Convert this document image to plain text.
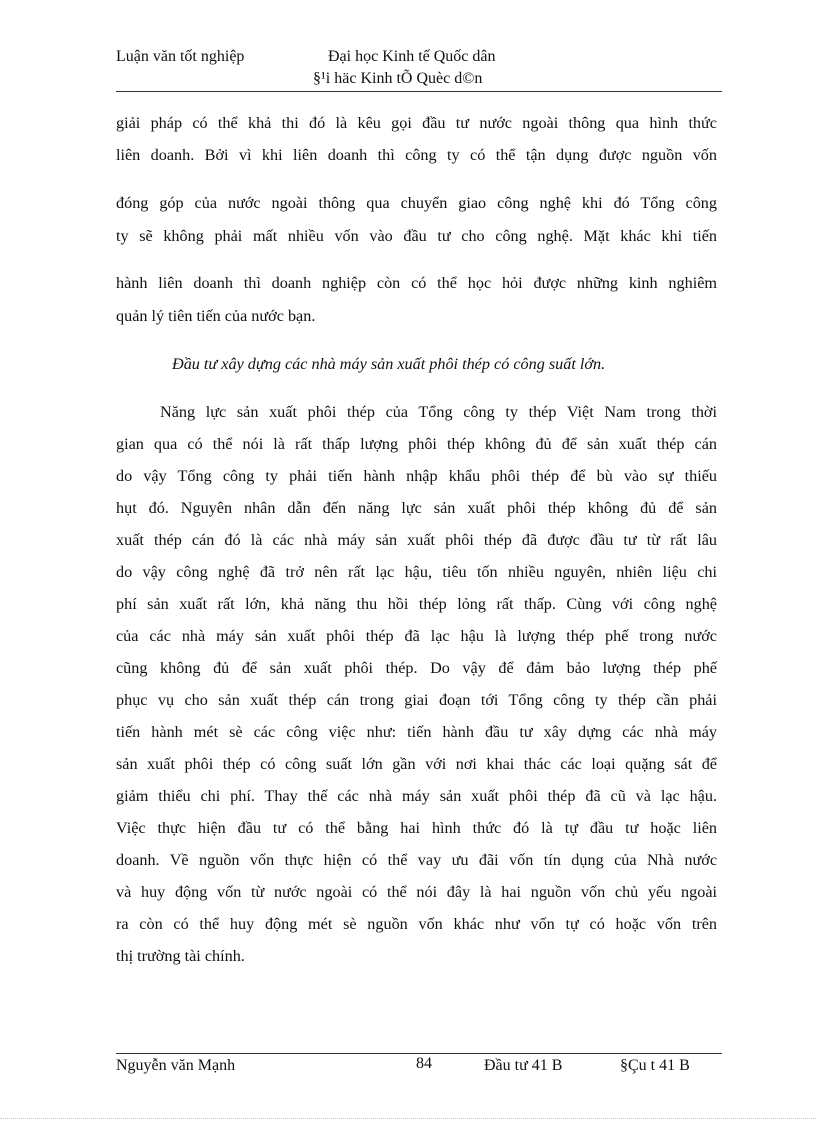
Luận văn tốt nghiệp	Đại học Kinh tế Quốc dân
§¹i häc Kinh tÕ Quèc d©n
giải pháp có thể khả thi đó là kêu gọi đầu tư nước ngoài thông qua hình thức
liên doanh. Bởi vì khi liên doanh thì công ty có thể tận dụng được nguồn vốn
đóng góp của nước ngoài thông qua chuyển giao công nghệ khi đó Tổng công
ty sẽ không phải mất nhiều vốn vào đầu tư cho công nghệ. Mặt khác khi tiến
hành liên doanh thì doanh nghiệp còn có thể học hỏi được những kinh nghiêm
quản lý tiên tiến của nước bạn.
Đầu tư xây dựng các nhà máy sản xuất phôi thép có công suất lớn.
Năng lực sản xuất phôi thép của Tổng công ty thép Việt Nam trong thời
gian qua có thể nói là rất thấp lượng phôi thép không đủ để sản xuất thép cán
do vậy Tổng công ty phải tiến hành nhập khẩu phôi thép để bù vào sự thiếu
hụt đó. Nguyên nhân dẫn đến năng lực sản xuất phôi thép không đủ để sản
xuất thép cán đó là các nhà máy sản xuất phôi thép đã được đầu tư từ rất lâu
do vậy công nghệ đã trở nên rất lạc hậu, tiêu tốn nhiều nguyên, nhiên liệu chi
phí sản xuất rất lớn, khả năng thu hồi thép lỏng rất thấp. Cùng với công nghệ
của các nhà máy sản xuất phôi thép đã lạc hậu là lượng thép phế trong nước
cũng không đủ để sản xuất phôi thép. Do vậy để đảm bảo lượng thép phế
phục vụ cho sản xuất thép cán trong giai đoạn tới Tổng công ty thép cần phải
tiến hành mét sè các công việc như: tiến hành đầu tư xây dựng các nhà máy
sản xuất phôi thép có công suất lớn gần với nơi khai thác các loại quặng sát để
giảm thiểu chi phí. Thay thế các nhà máy sản xuất phôi thép đã cũ và lạc hậu.
Việc thực hiện đầu tư có thể bằng hai hình thức đó là tự đầu tư hoặc liên
doanh. Về nguồn vốn thực hiện có thể vay ưu đãi vốn tín dụng của Nhà nước
và huy động vốn từ nước ngoài có thể nói đây là hai nguồn vốn chủ yếu ngoài
ra còn có thể huy động mét sè nguồn vốn khác như vốn tự có hoặc vốn trên
thị trường tài chính.
Nguyễn văn Mạnh	84	Đầu tư 41 B	§Çu t 41 B
